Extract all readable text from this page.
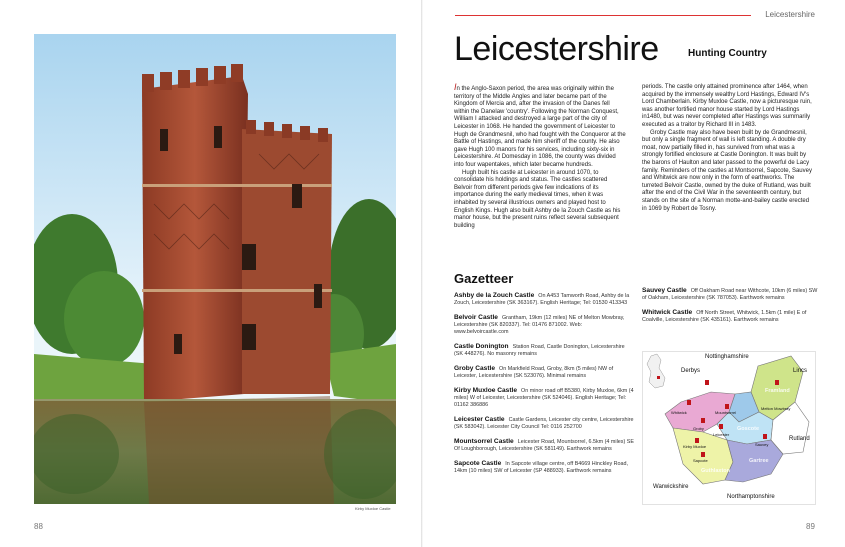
Kirby Muxloe Castle
88
Leicestershire
Leicestershire	Hunting Country

In the Anglo-Saxon period, the area was originally within the territory of the Middle Angles and later became part of the Kingdom of Mercia and, after the invasion of the Danes fell within the Danelaw 'country'. Following the Norman Conquest, William I attacked and destroyed a large part of the city of Leicester in 1068. He handed the government of Leicester to Hugh de Grandmesnil, who had fought with the Conqueror at the Battle of Hastings, and made him sheriff of the county. He also gave Hugh 100 manors for his services, including sixty-six in Leicestershire. At Domesday in 1086, the county was divided into four wapentakes, which later became hundreds.

Hugh built his castle at Leicester in around 1070, to consolidate his holdings and status. The castles scattered Belvoir from different periods give few indications of its importance during the early medieval times, when it was inhabited by several illustrious owners and played host to English Kings. Hugh also built Ashby de la Zouch Castle as his manor house, but the present ruins reflect several subsequent building

periods. The castle only attained prominence after 1464, when acquired by the immensely wealthy Lord Hastings, Edward IV's Lord Chamberlain. Kirby Muxloe Castle, now a picturesque ruin, was another fortified manor house started by Lord Hastings in1480, but was never completed after Hastings was summarily executed as a traitor by Richard III in 1483.

Groby Castle may also have been built by de Grandmesnil, but only a single fragment of wall is left standing. A double dry moat, now partially filled in, has survived from what was a strongly fortified enclosure at Castle Donington. It was built by the barons of Haulton and later passed to the powerful de Lacy family. Reminders of the castles at Montsorrel, Sapcote, Sauvey and Whitwick are now only in the form of earthworks. The turreted Belvoir Castle, owned by the duke of Rutland, was built after the end of the Civil War in the seventeenth century, but stands on the site of a Norman motte-and-bailey castle erected in 1069 by Robert de Tosny.

Gazetteer
Ashby de la Zouch Castle On A453 Tamworth Road, Ashby de la Zouch, Leicestershire (SK 363167). English Heritage; Tel: 01530 413343
Belvoir Castle Grantham, 19km (12 miles) NE of Melton Mowbray, Leicestershire (SK 820337). Tel: 01476 871002. Web: www.belvoircastle.com
Castle Donington Station Road, Castle Donington, Leicestershire (SK 448276). No masonry remains
Groby Castle On Markfield Road, Groby, 8km (5 miles) NW of Leicester, Leicestershire (SK 523076). Minimal remains
Kirby Muxloe Castle On minor road off B5380, Kirby Muxloe, 6km (4 miles) W of Leicester, Leicestershire (SK 524046). English Heritage; Tel: 01162 386886
Leicester Castle Castle Gardens, Leicester city centre, Leicestershire (SK 583042). Leicester City Council Tel: 0116 252700
Mountsorrel Castle Leicester Road, Mountsorrel, 6.5km (4 miles) SE Of Loughborough, Leicestershire (SK 581149). Earthwork remains
Sapcote Castle In Sapcote village centre, off B4669 Hinckley Road, 14km (10 miles) SW of Leicester (SP 488933). Earthwork remains
Sauvey Castle Off Oakham Road near Withcote, 10km (6 miles) SW of Oakham, Leicestershire (SK 787053). Earthwork remains
Whitwick Castle Off North Street, Whitwick, 1.5km (1 mile) E of Coalville, Leicestershire (SK 435161). Earthwork remains
Nottinghamshire
Derbys	Lincs
Rutland
Warwickshire
Northamptonshire
Framland
Goscote
Gartree
Guthlaxton
Whitwick
Groby
Mountsorrel
Melton Mowbray
Leicester
Kirby Muxloe
Sapcote
Sauvey
89
